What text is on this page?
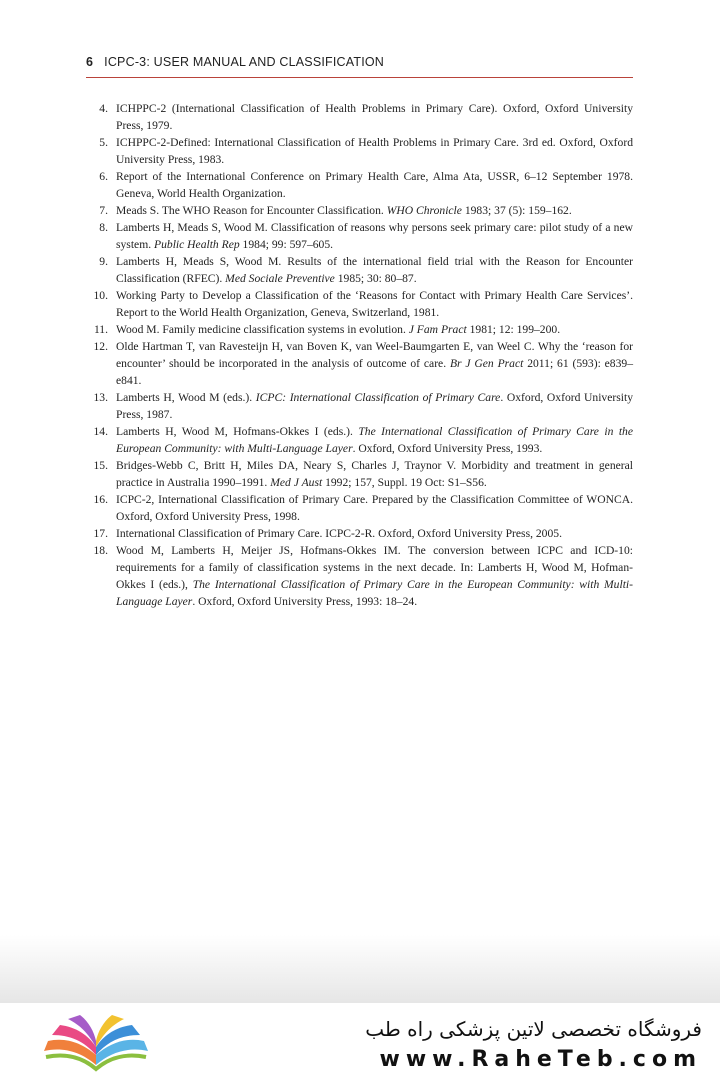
6 ICPC-3: USER MANUAL AND CLASSIFICATION
4. ICHPPC-2 (International Classification of Health Problems in Primary Care). Oxford, Oxford University Press, 1979.
5. ICHPPC-2-Defined: International Classification of Health Problems in Primary Care. 3rd ed. Oxford, Oxford University Press, 1983.
6. Report of the International Conference on Primary Health Care, Alma Ata, USSR, 6–12 September 1978. Geneva, World Health Organization.
7. Meads S. The WHO Reason for Encounter Classification. WHO Chronicle 1983; 37 (5): 159–162.
8. Lamberts H, Meads S, Wood M. Classification of reasons why persons seek primary care: pilot study of a new system. Public Health Rep 1984; 99: 597–605.
9. Lamberts H, Meads S, Wood M. Results of the international field trial with the Reason for Encounter Classification (RFEC). Med Sociale Preventive 1985; 30: 80–87.
10. Working Party to Develop a Classification of the ‘Reasons for Contact with Primary Health Care Services’. Report to the World Health Organization, Geneva, Switzerland, 1981.
11. Wood M. Family medicine classification systems in evolution. J Fam Pract 1981; 12: 199–200.
12. Olde Hartman T, van Ravesteijn H, van Boven K, van Weel-Baumgarten E, van Weel C. Why the ‘reason for encounter’ should be incorporated in the analysis of outcome of care. Br J Gen Pract 2011; 61 (593): e839–e841.
13. Lamberts H, Wood M (eds.). ICPC: International Classification of Primary Care. Oxford, Oxford University Press, 1987.
14. Lamberts H, Wood M, Hofmans-Okkes I (eds.). The International Classification of Primary Care in the European Community: with Multi-Language Layer. Oxford, Oxford University Press, 1993.
15. Bridges-Webb C, Britt H, Miles DA, Neary S, Charles J, Traynor V. Morbidity and treatment in general practice in Australia 1990–1991. Med J Aust 1992; 157, Suppl. 19 Oct: S1–S56.
16. ICPC-2, International Classification of Primary Care. Prepared by the Classification Committee of WONCA. Oxford, Oxford University Press, 1998.
17. International Classification of Primary Care. ICPC-2-R. Oxford, Oxford University Press, 2005.
18. Wood M, Lamberts H, Meijer JS, Hofmans-Okkes IM. The conversion between ICPC and ICD-10: requirements for a family of classification systems in the next decade. In: Lamberts H, Wood M, Hofman-Okkes I (eds.), The International Classification of Primary Care in the European Community: with Multi-Language Layer. Oxford, Oxford University Press, 1993: 18–24.
فروشگاه تخصصی لاتین پزشکی راه طب
www.RaheTeb.com
